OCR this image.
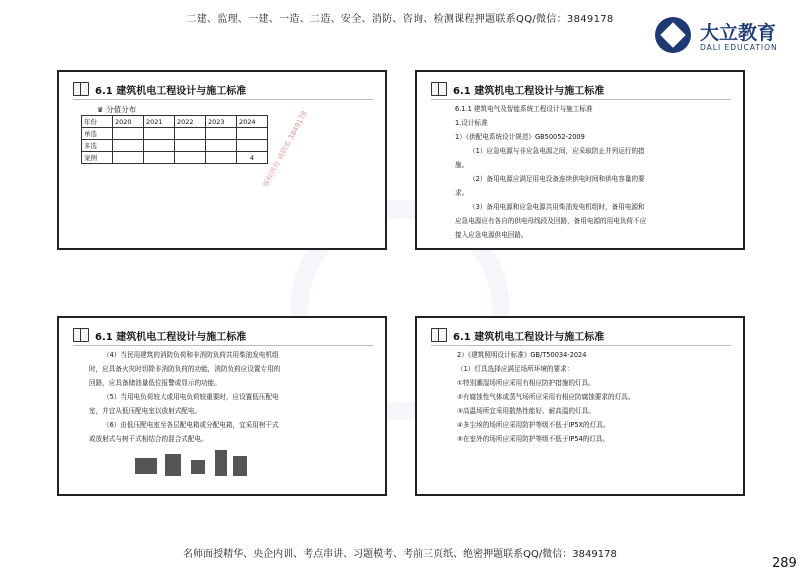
二建、监理、一建、一造、二造、安全、消防、咨询、检测课程押题联系QQ/微信：3849178
大立教育
DALI EDUCATION
6.1 建筑机电工程设计与施工标准
♛ 分值分布
年份	2020	2021	2022	2023	2024
单选					
多选					
案例					4 版权所有 请联系 3849178
6.1 建筑机电工程设计与施工标准

6.1.1 建筑电气及智能系统工程设计与施工标准

1.设计标准

1）《供配电系统设计规范》GB50052-2009

（1）应急电源与非应急电源之间，应采取防止并列运行的措施。

（2）备用电源应满足用电设备连续供电时间和供电容量的要求。

（3）备用电源和应急电源共用柴油发电机组时，备用电源和应急电源应有各自的供电母线段及回路，备用电源的用电负荷不应接入应急电源供电回路。

6.1 建筑机电工程设计与施工标准

（4）当民用建筑的消防负荷和非消防负荷共用柴油发电机组时，应具备火灾时切除非消防负荷的功能，消防负荷应设置专用的回路，应具备储油量低位报警或显示的功能。

（5）当用电负荷较大或用电负荷较重要时，应设置低压配电室，并宜从低压配电室以放射式配电。

（6）由低压配电室至各层配电箱或分配电箱，宜采用树干式或放射式与树干式相结合的混合式配电。

6.1 建筑机电工程设计与施工标准

2）《建筑照明设计标准》GB/T50034-2024

（1）灯具选择应满足场所环境的要求：

①特别潮湿场所应采用有相应防护措施的灯具。

②有腐蚀性气体或蒸气场所应采用有相应防腐蚀要求的灯具。

③高温场所宜采用散热性能好、耐高温的灯具。

④多尘埃的场所应采用防护等级不低于IP5X的灯具。

⑤在室外的场所应采用防护等级不低于IP54的灯具。

名师面授精华、央企内训、考点串讲、习题模考、考前三页纸、绝密押题联系QQ/微信：3849178
289
